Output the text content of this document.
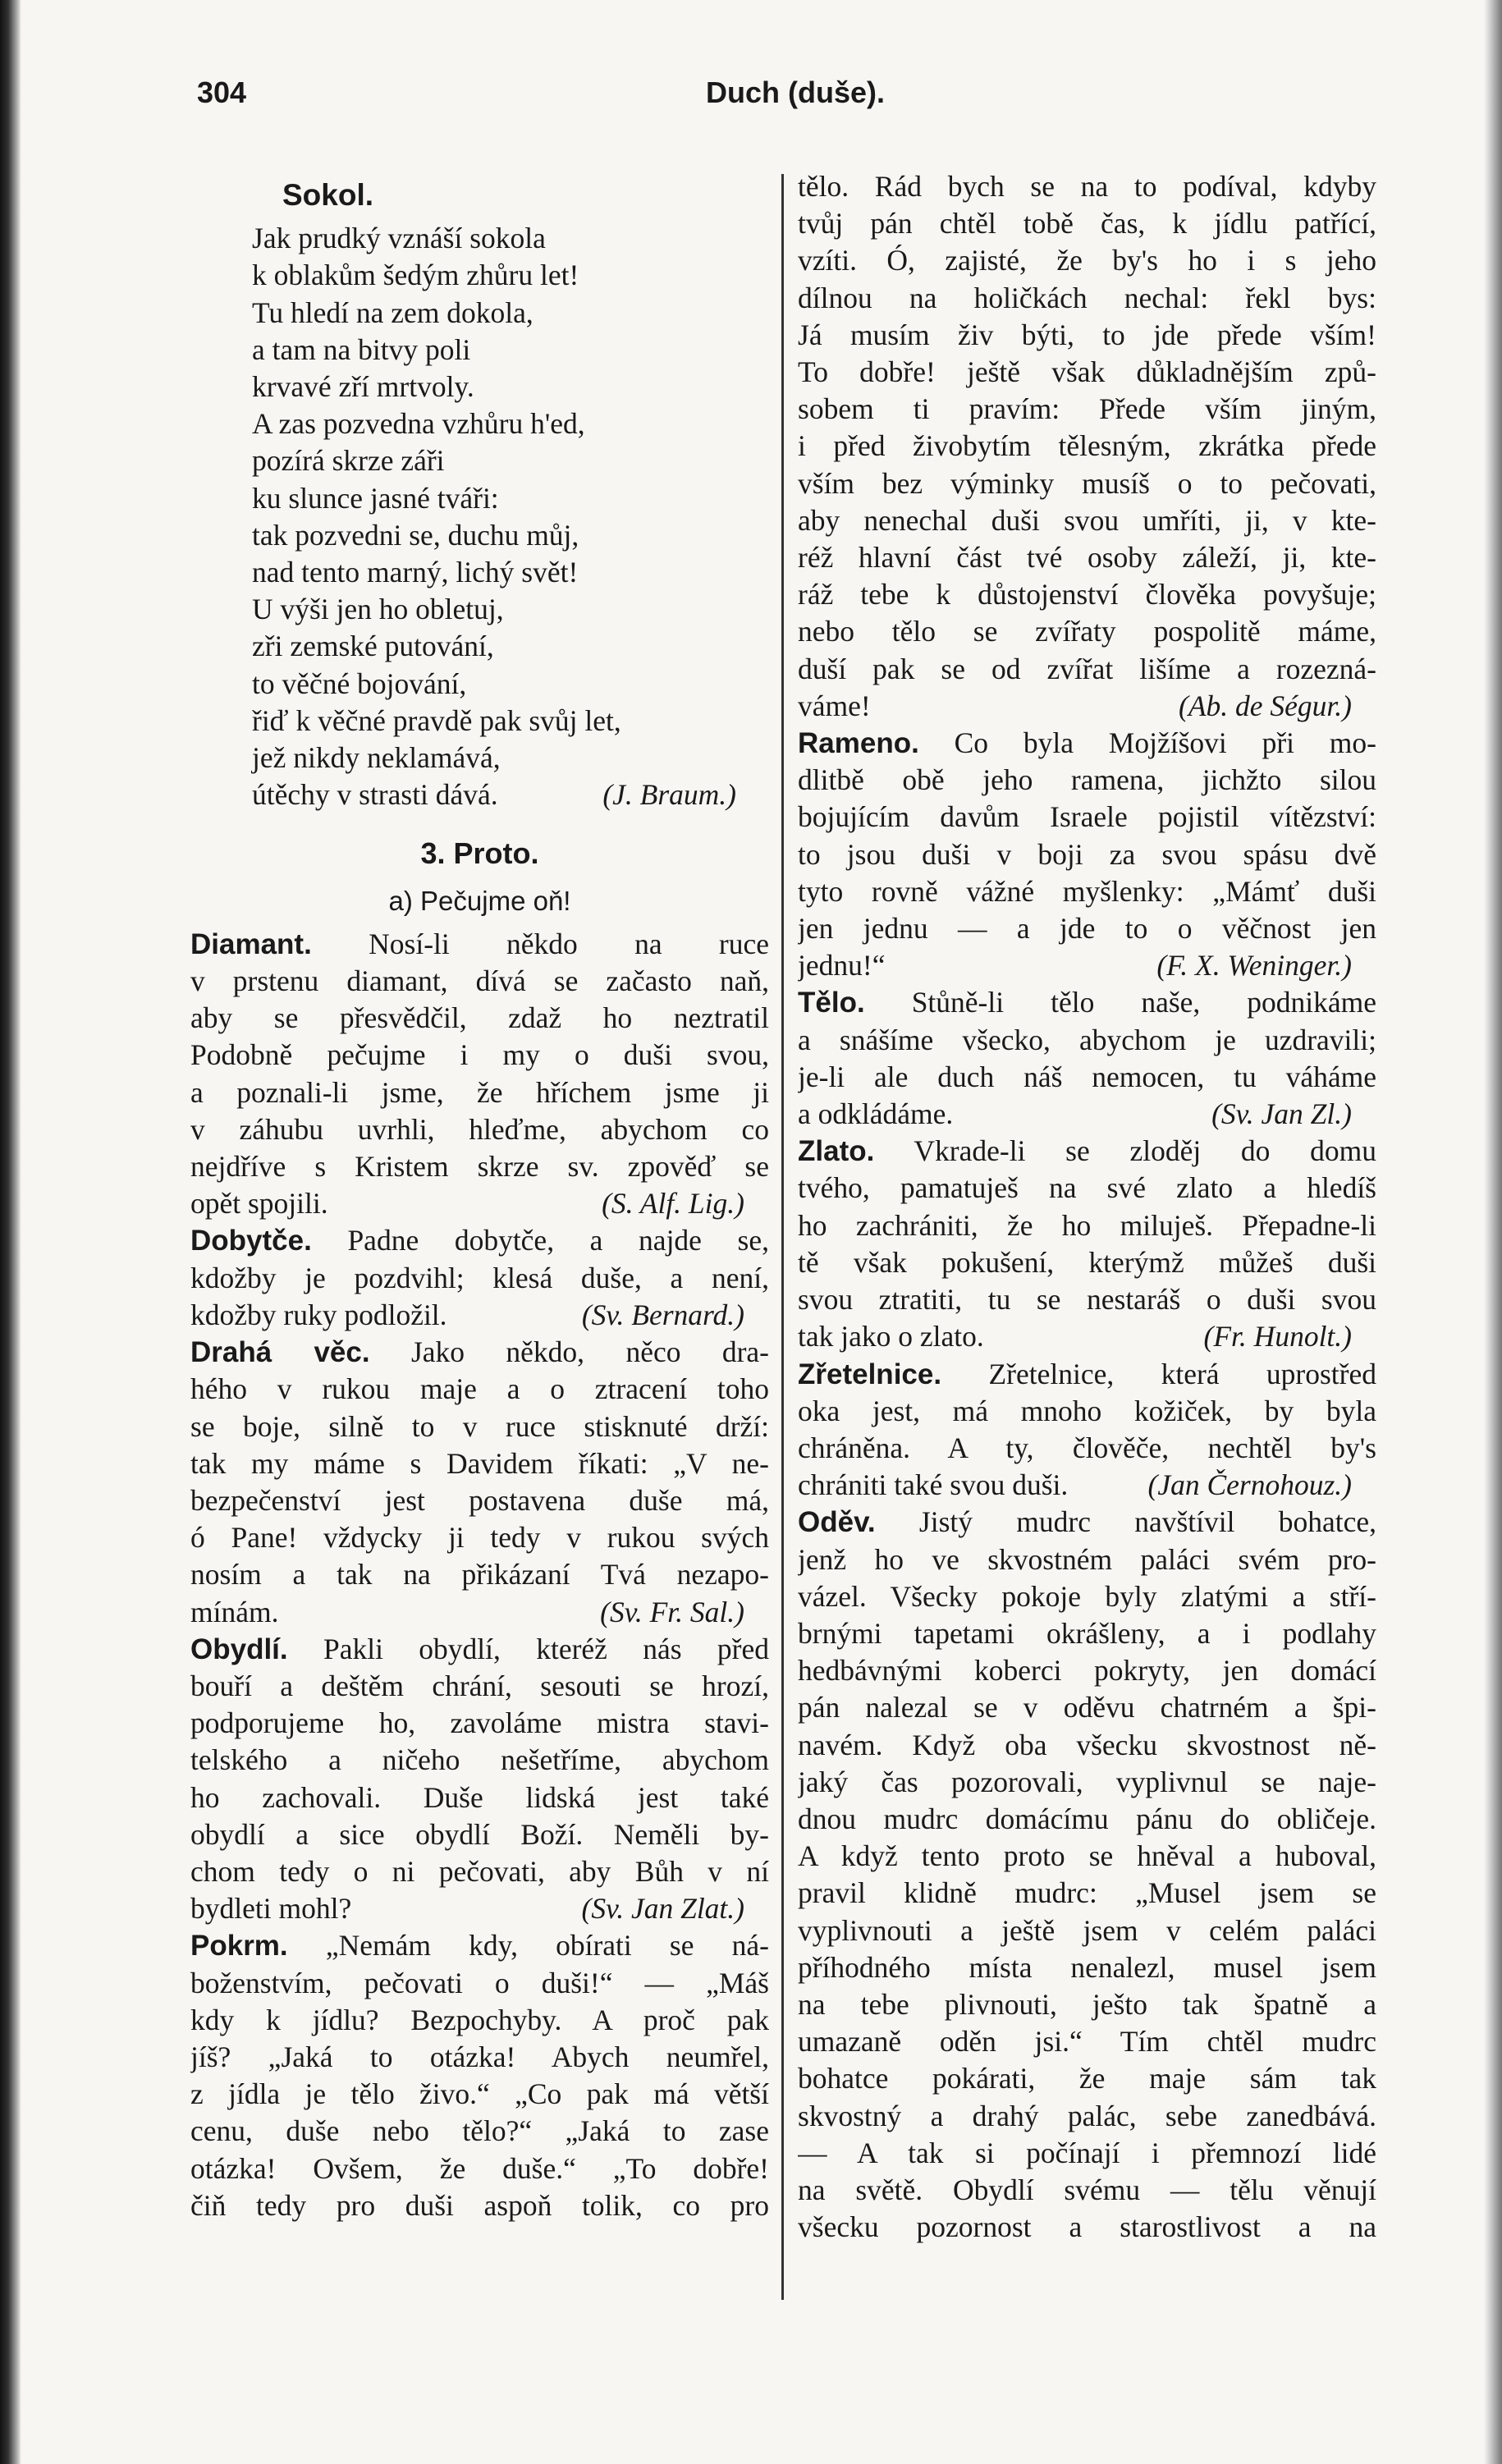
304	Duch (duše).
Sokol.
Jak prudký vznáší sokola
k oblakům šedým zhůru let!
Tu hledí na zem dokola,
a tam na bitvy poli
krvavé zří mrtvoly.
A zas pozvedna vzhůru h'ed,
pozírá skrze záři
ku slunce jasné tváři:
tak pozvedni se, duchu můj,
nad tento marný, lichý svět!
U výši jen ho obletuj,
zři zemské putování,
to věčné bojování,
řiď k věčné pravdě pak svůj let,
jež nikdy neklamává,
útěchy v strasti dává.	(J. Braum.)
3. Proto.
a) Pečujme oň!
Diamant. Nosí-li někdo na ruce
v prstenu diamant, dívá se začasto naň,
aby se přesvědčil, zdaž ho neztratil
Podobně pečujme i my o duši svou,
a poznali-li jsme, že hříchem jsme ji
v záhubu uvrhli, hleďme, abychom co
nejdříve s Kristem skrze sv. zpověď se
opět spojili.	(S. Alf. Lig.)
Dobytče. Padne dobytče, a najde se,
kdožby je pozdvihl; klesá duše, a není,
kdožby ruky podložil.	(Sv. Bernard.)
Drahá věc. Jako někdo, něco dra-
hého v rukou maje a o ztracení toho
se boje, silně to v ruce stisknuté drží:
tak my máme s Davidem říkati: „V ne-
bezpečenství jest postavena duše má,
ó Pane! vždycky ji tedy v rukou svých
nosím a tak na přikázaní Tvá nezapo-
mínám.	(Sv. Fr. Sal.)
Obydlí. Pakli obydlí, kteréž nás před
bouří a deštěm chrání, sesouti se hrozí,
podporujeme ho, zavoláme mistra stavi-
telského a ničeho nešetříme, abychom
ho zachovali. Duše lidská jest také
obydlí a sice obydlí Boží. Neměli by-
chom tedy o ni pečovati, aby Bůh v ní
bydleti mohl?	(Sv. Jan Zlat.)
Pokrm. „Nemám kdy, obírati se ná-
boženstvím, pečovati o duši!“ — „Máš
kdy k jídlu? Bezpochyby. A proč pak
jíš? „Jaká to otázka! Abych neumřel,
z jídla je tělo živo.“ „Co pak má větší
cenu, duše nebo tělo?“ „Jaká to zase
otázka! Ovšem, že duše.“ „To dobře!
čiň tedy pro duši aspoň tolik, co pro
tělo. Rád bych se na to podíval, kdyby
tvůj pán chtěl tobě čas, k jídlu patřící,
vzíti. Ó, zajisté, že by's ho i s jeho
dílnou na holičkách nechal: řekl bys:
Já musím živ býti, to jde přede vším!
To dobře! ještě však důkladnějším způ-
sobem ti pravím: Přede vším jiným,
i před živobytím tělesným, zkrátka přede
vším bez výminky musíš o to pečovati,
aby nenechal duši svou umříti, ji, v kte-
réž hlavní část tvé osoby záleží, ji, kte-
ráž tebe k důstojenství člověka povyšuje;
nebo tělo se zvířaty pospolitě máme,
duší pak se od zvířat lišíme a rozezná-
váme!	(Ab. de Ségur.)
Rameno. Co byla Mojžíšovi při mo-
dlitbě obě jeho ramena, jichžto silou
bojujícím davům Israele pojistil vítězství:
to jsou duši v boji za svou spásu dvě
tyto rovně vážné myšlenky: „Mámť duši
jen jednu — a jde to o věčnost jen
jednu!“	(F. X. Weninger.)
Tělo. Stůně-li tělo naše, podnikáme
a snášíme všecko, abychom je uzdravili;
je-li ale duch náš nemocen, tu váháme
a odkládáme.	(Sv. Jan Zl.)
Zlato. Vkrade-li se zloděj do domu
tvého, pamatuješ na své zlato a hledíš
ho zachrániti, že ho miluješ. Přepadne-li
tě však pokušení, kterýmž můžeš duši
svou ztratiti, tu se nestaráš o duši svou
tak jako o zlato.	(Fr. Hunolt.)
Zřetelnice. Zřetelnice, která uprostřed
oka jest, má mnoho kožiček, by byla
chráněna. A ty, člověče, nechtěl by's
chrániti také svou duši.	(Jan Černohouz.)
Oděv. Jistý mudrc navštívil bohatce,
jenž ho ve skvostném paláci svém pro-
vázel. Všecky pokoje byly zlatými a stří-
brnými tapetami okrášleny, a i podlahy
hedbávnými koberci pokryty, jen domácí
pán nalezal se v oděvu chatrném a špi-
navém. Když oba všecku skvostnost ně-
jaký čas pozorovali, vyplivnul se naje-
dnou mudrc domácímu pánu do obličeje.
A když tento proto se hněval a huboval,
pravil klidně mudrc: „Musel jsem se
vyplivnouti a ještě jsem v celém paláci
příhodného místa nenalezl, musel jsem
na tebe plivnouti, ješto tak špatně a
umazaně oděn jsi.“ Tím chtěl mudrc
bohatce pokárati, že maje sám tak
skvostný a drahý palác, sebe zanedbává.
— A tak si počínají i přemnozí lidé
na světě. Obydlí svému — tělu věnují
všecku pozornost a starostlivost a na
